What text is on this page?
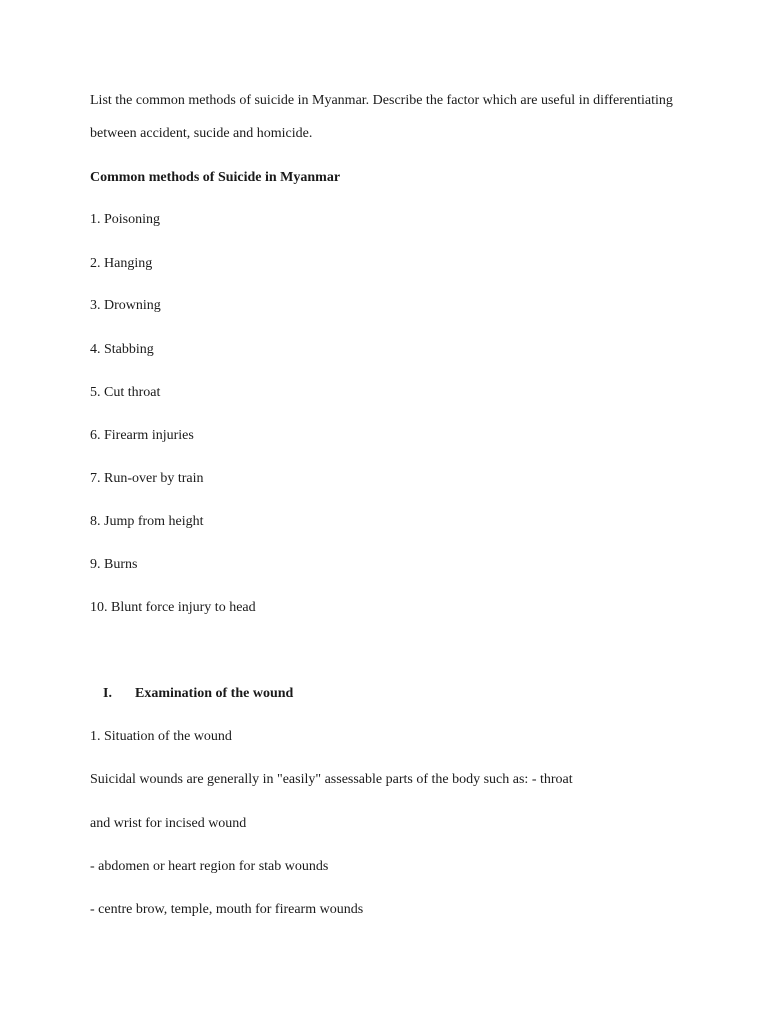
List the common methods of suicide in Myanmar. Describe the factor which are useful in differentiating
between accident, sucide and homicide.
Common methods of Suicide in Myanmar
1. Poisoning
2. Hanging
3. Drowning
4. Stabbing
5. Cut throat
6. Firearm injuries
7. Run-over by train
8. Jump from height
9. Burns
10. Blunt force injury to head
I. Examination of the wound
1. Situation of the wound
Suicidal wounds are generally in "easily" assessable parts of the body such as: - throat
and wrist for incised wound
- abdomen or heart region for stab wounds
- centre brow, temple, mouth for firearm wounds
